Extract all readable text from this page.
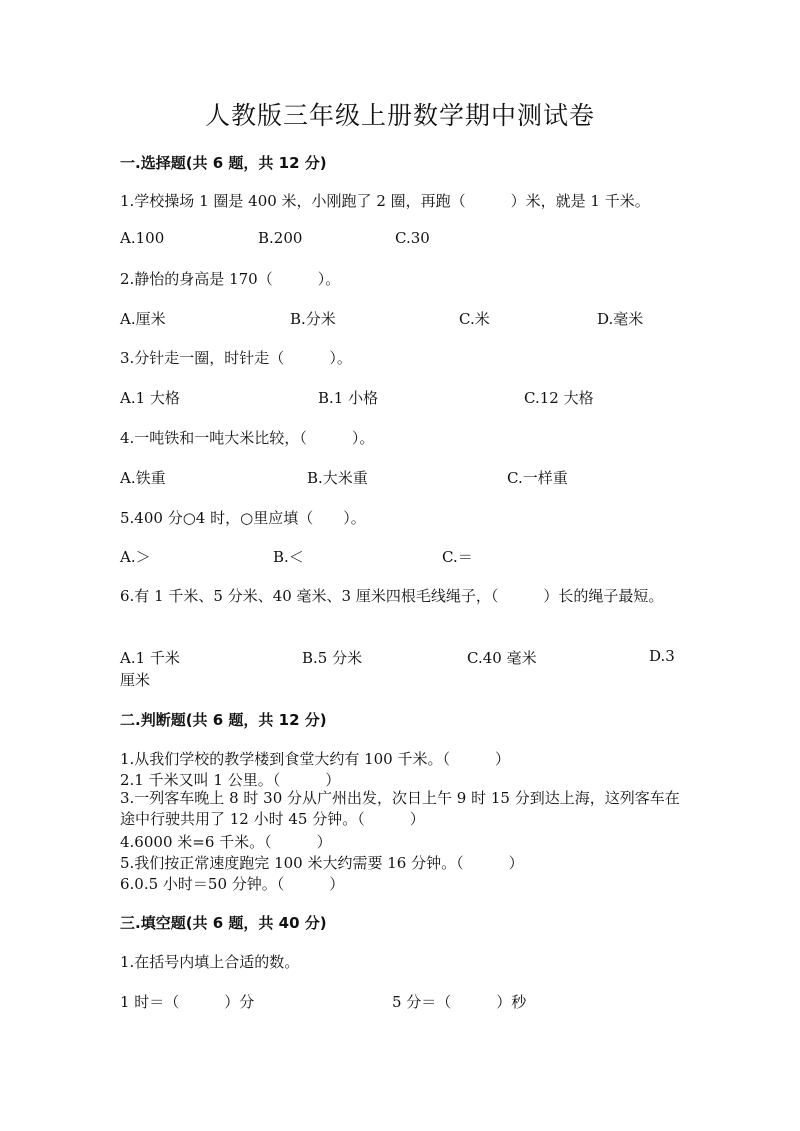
人教版三年级上册数学期中测试卷
一.选择题(共 6 题，共 12 分)
1.学校操场 1 圈是 400 米，小刚跑了 2 圈，再跑（　　　）米，就是 1 千米。
A.100	B.200	C.30
2.静怡的身高是 170（　　　）。
A.厘米	B.分米	C.米	D.毫米
3.分针走一圈，时针走（　　　）。
A.1 大格	B.1 小格	C.12 大格
4.一吨铁和一吨大米比较，（　　　）。
A.铁重	B.大米重	C.一样重
5.400 分○4 时，○里应填（　　）。
A.＞	B.＜	C.＝
6.有 1 千米、5 分米、40 毫米、3 厘米四根毛线绳子，（　　　）长的绳子最短。
A.1 千米	B.5 分米	C.40 毫米	D.3
厘米
二.判断题(共 6 题，共 12 分)
1.从我们学校的教学楼到食堂大约有 100 千米。（　　　）
2.1 千米又叫 1 公里。（　　　）
3.一列客车晚上 8 时 30 分从广州出发，次日上午 9 时 15 分到达上海，这列客车在途中行驶共用了 12 小时 45 分钟。（　　　）
4.6000 米=6 千米。（　　　）
5.我们按正常速度跑完 100 米大约需要 16 分钟。（　　　）
6.0.5 小时＝50 分钟。（　　　）
三.填空题(共 6 题，共 40 分)
1.在括号内填上合适的数。
1 时＝（　　　）分	5 分＝（　　　）秒
